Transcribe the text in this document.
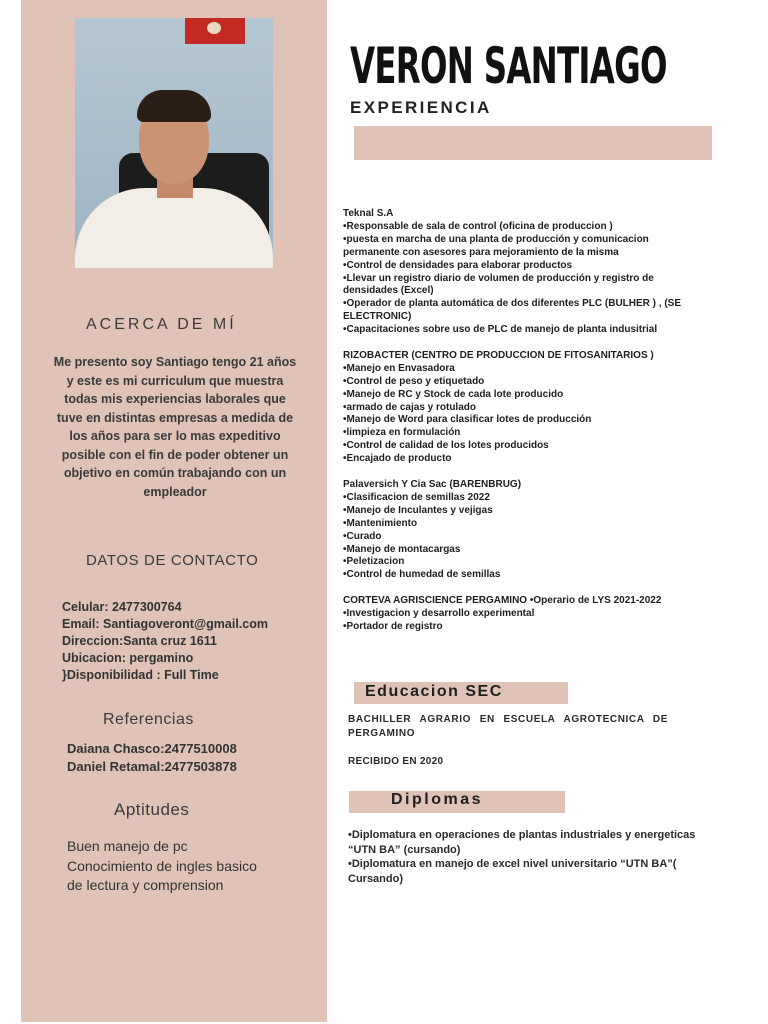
ACERCA DE MÍ
Me presento soy Santiago tengo 21 años y este es mi curriculum que muestra todas mis experiencias laborales que tuve en distintas empresas a medida de los años para ser lo mas expeditivo posible con el fin de poder obtener un objetivo en común trabajando con un empleador
DATOS DE CONTACTO
Celular: 2477300764
Email: Santiagoveront@gmail.com
Direccion:Santa cruz 1611
Ubicacion: pergamino
}Disponibilidad : Full Time
Referencias
Daiana Chasco:2477510008
Daniel Retamal:2477503878
Aptitudes
Buen manejo de pc
Conocimiento de ingles basico
de lectura y comprension
VERON SANTIAGO
EXPERIENCIA
Teknal S.A
•Responsable de sala de control (oficina de produccion )
•puesta en marcha de una planta de producción y comunicacion
permanente con asesores para mejoramiento de la misma
•Control de densidades para elaborar productos
•Llevar un registro diario de volumen de producción y registro de
densidades (Excel)
•Operador de planta automática de dos diferentes PLC (BULHER ) , (SE
ELECTRONIC)
•Capacitaciones sobre uso de PLC de manejo de planta indusitrial
RIZOBACTER (CENTRO DE PRODUCCION DE FITOSANITARIOS )
•Manejo en Envasadora
•Control de peso y etiquetado
•Manejo de RC y Stock de cada lote producido
•armado de cajas y rotulado
•Manejo de Word para clasificar lotes de producción
•limpieza en formulación
•Control de calidad de los lotes producidos
•Encajado de producto
Palaversich Y Cia Sac (BARENBRUG)
•Clasificacion de semillas 2022
•Manejo de Inculantes y vejigas
•Mantenimiento
•Curado
•Manejo de montacargas
•Peletizacion
•Control de humedad de semillas
CORTEVA AGRISCIENCE PERGAMINO •Operario de LYS 2021-2022
•Investigacion y desarrollo experimental
•Portador de registro
Educacion SEC
BACHILLER AGRARIO EN ESCUELA AGROTECNICA DE PERGAMINO
RECIBIDO EN 2020
Diplomas
•Diplomatura en operaciones de plantas industriales y energeticas “UTN BA” (cursando)
•Diplomatura en manejo de excel nivel universitario “UTN BA”( Cursando)
